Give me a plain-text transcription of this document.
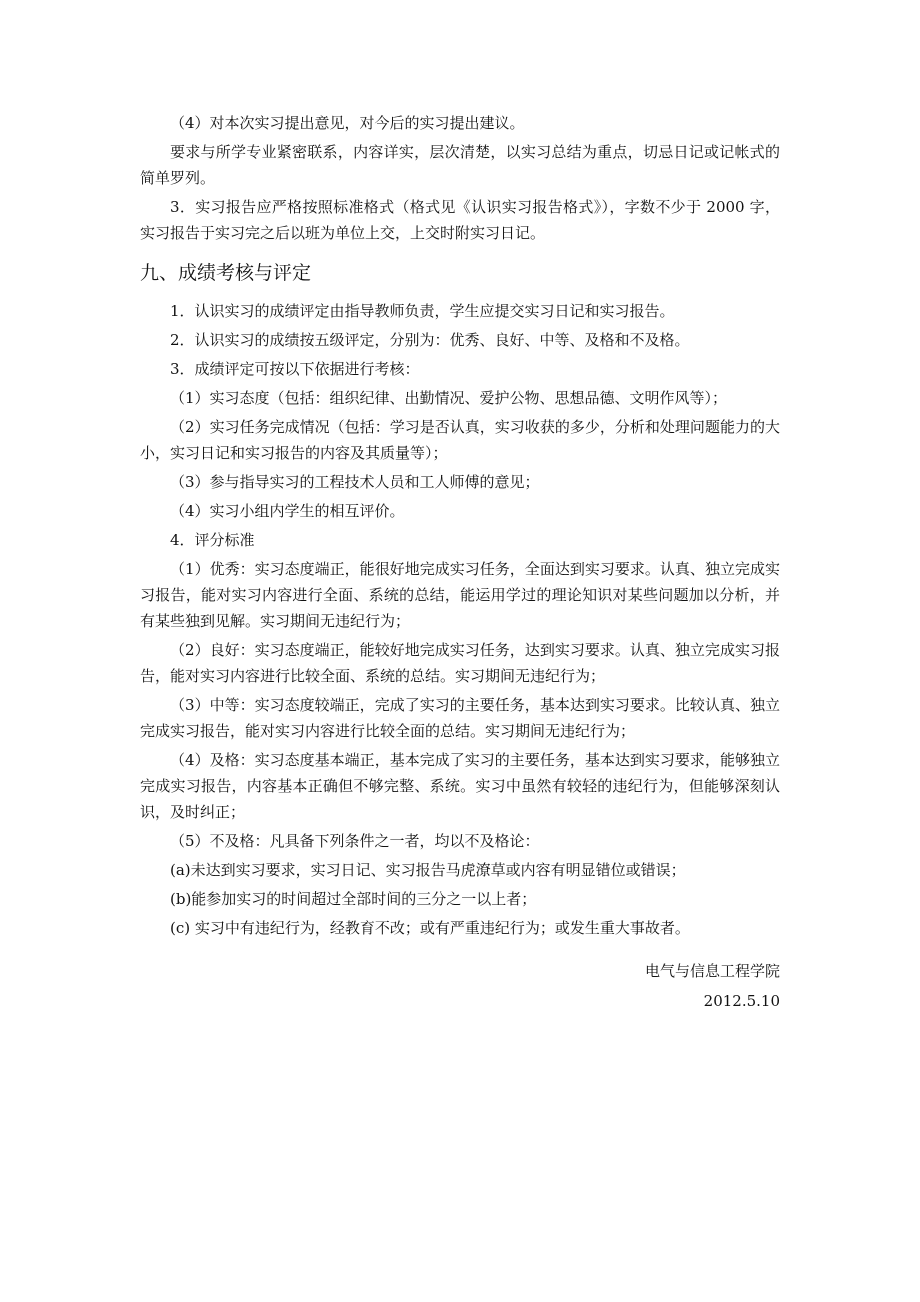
（4）对本次实习提出意见，对今后的实习提出建议。

要求与所学专业紧密联系，内容详实，层次清楚，以实习总结为重点，切忌日记或记帐式的简单罗列。

3．实习报告应严格按照标准格式（格式见《认识实习报告格式》），字数不少于 2000 字，实习报告于实习完之后以班为单位上交，上交时附实习日记。

九、成绩考核与评定

1．认识实习的成绩评定由指导教师负责，学生应提交实习日记和实习报告。

2．认识实习的成绩按五级评定，分别为：优秀、良好、中等、及格和不及格。

3．成绩评定可按以下依据进行考核：

（1）实习态度（包括：组织纪律、出勤情况、爱护公物、思想品德、文明作风等）；

（2）实习任务完成情况（包括：学习是否认真，实习收获的多少，分析和处理问题能力的大小，实习日记和实习报告的内容及其质量等）；

（3）参与指导实习的工程技术人员和工人师傅的意见；

（4）实习小组内学生的相互评价。

4．评分标准

（1）优秀：实习态度端正，能很好地完成实习任务，全面达到实习要求。认真、独立完成实习报告，能对实习内容进行全面、系统的总结，能运用学过的理论知识对某些问题加以分析，并有某些独到见解。实习期间无违纪行为；

（2）良好：实习态度端正，能较好地完成实习任务，达到实习要求。认真、独立完成实习报告，能对实习内容进行比较全面、系统的总结。实习期间无违纪行为；

（3）中等：实习态度较端正，完成了实习的主要任务，基本达到实习要求。比较认真、独立完成实习报告，能对实习内容进行比较全面的总结。实习期间无违纪行为；

（4）及格：实习态度基本端正，基本完成了实习的主要任务，基本达到实习要求，能够独立完成实习报告，内容基本正确但不够完整、系统。实习中虽然有较轻的违纪行为，但能够深刻认识，及时纠正；

（5）不及格：凡具备下列条件之一者，均以不及格论：

(a)未达到实习要求，实习日记、实习报告马虎潦草或内容有明显错位或错误；

(b)能参加实习的时间超过全部时间的三分之一以上者；

(c) 实习中有违纪行为，经教育不改；或有严重违纪行为；或发生重大事故者。

电气与信息工程学院
2012.5.10
